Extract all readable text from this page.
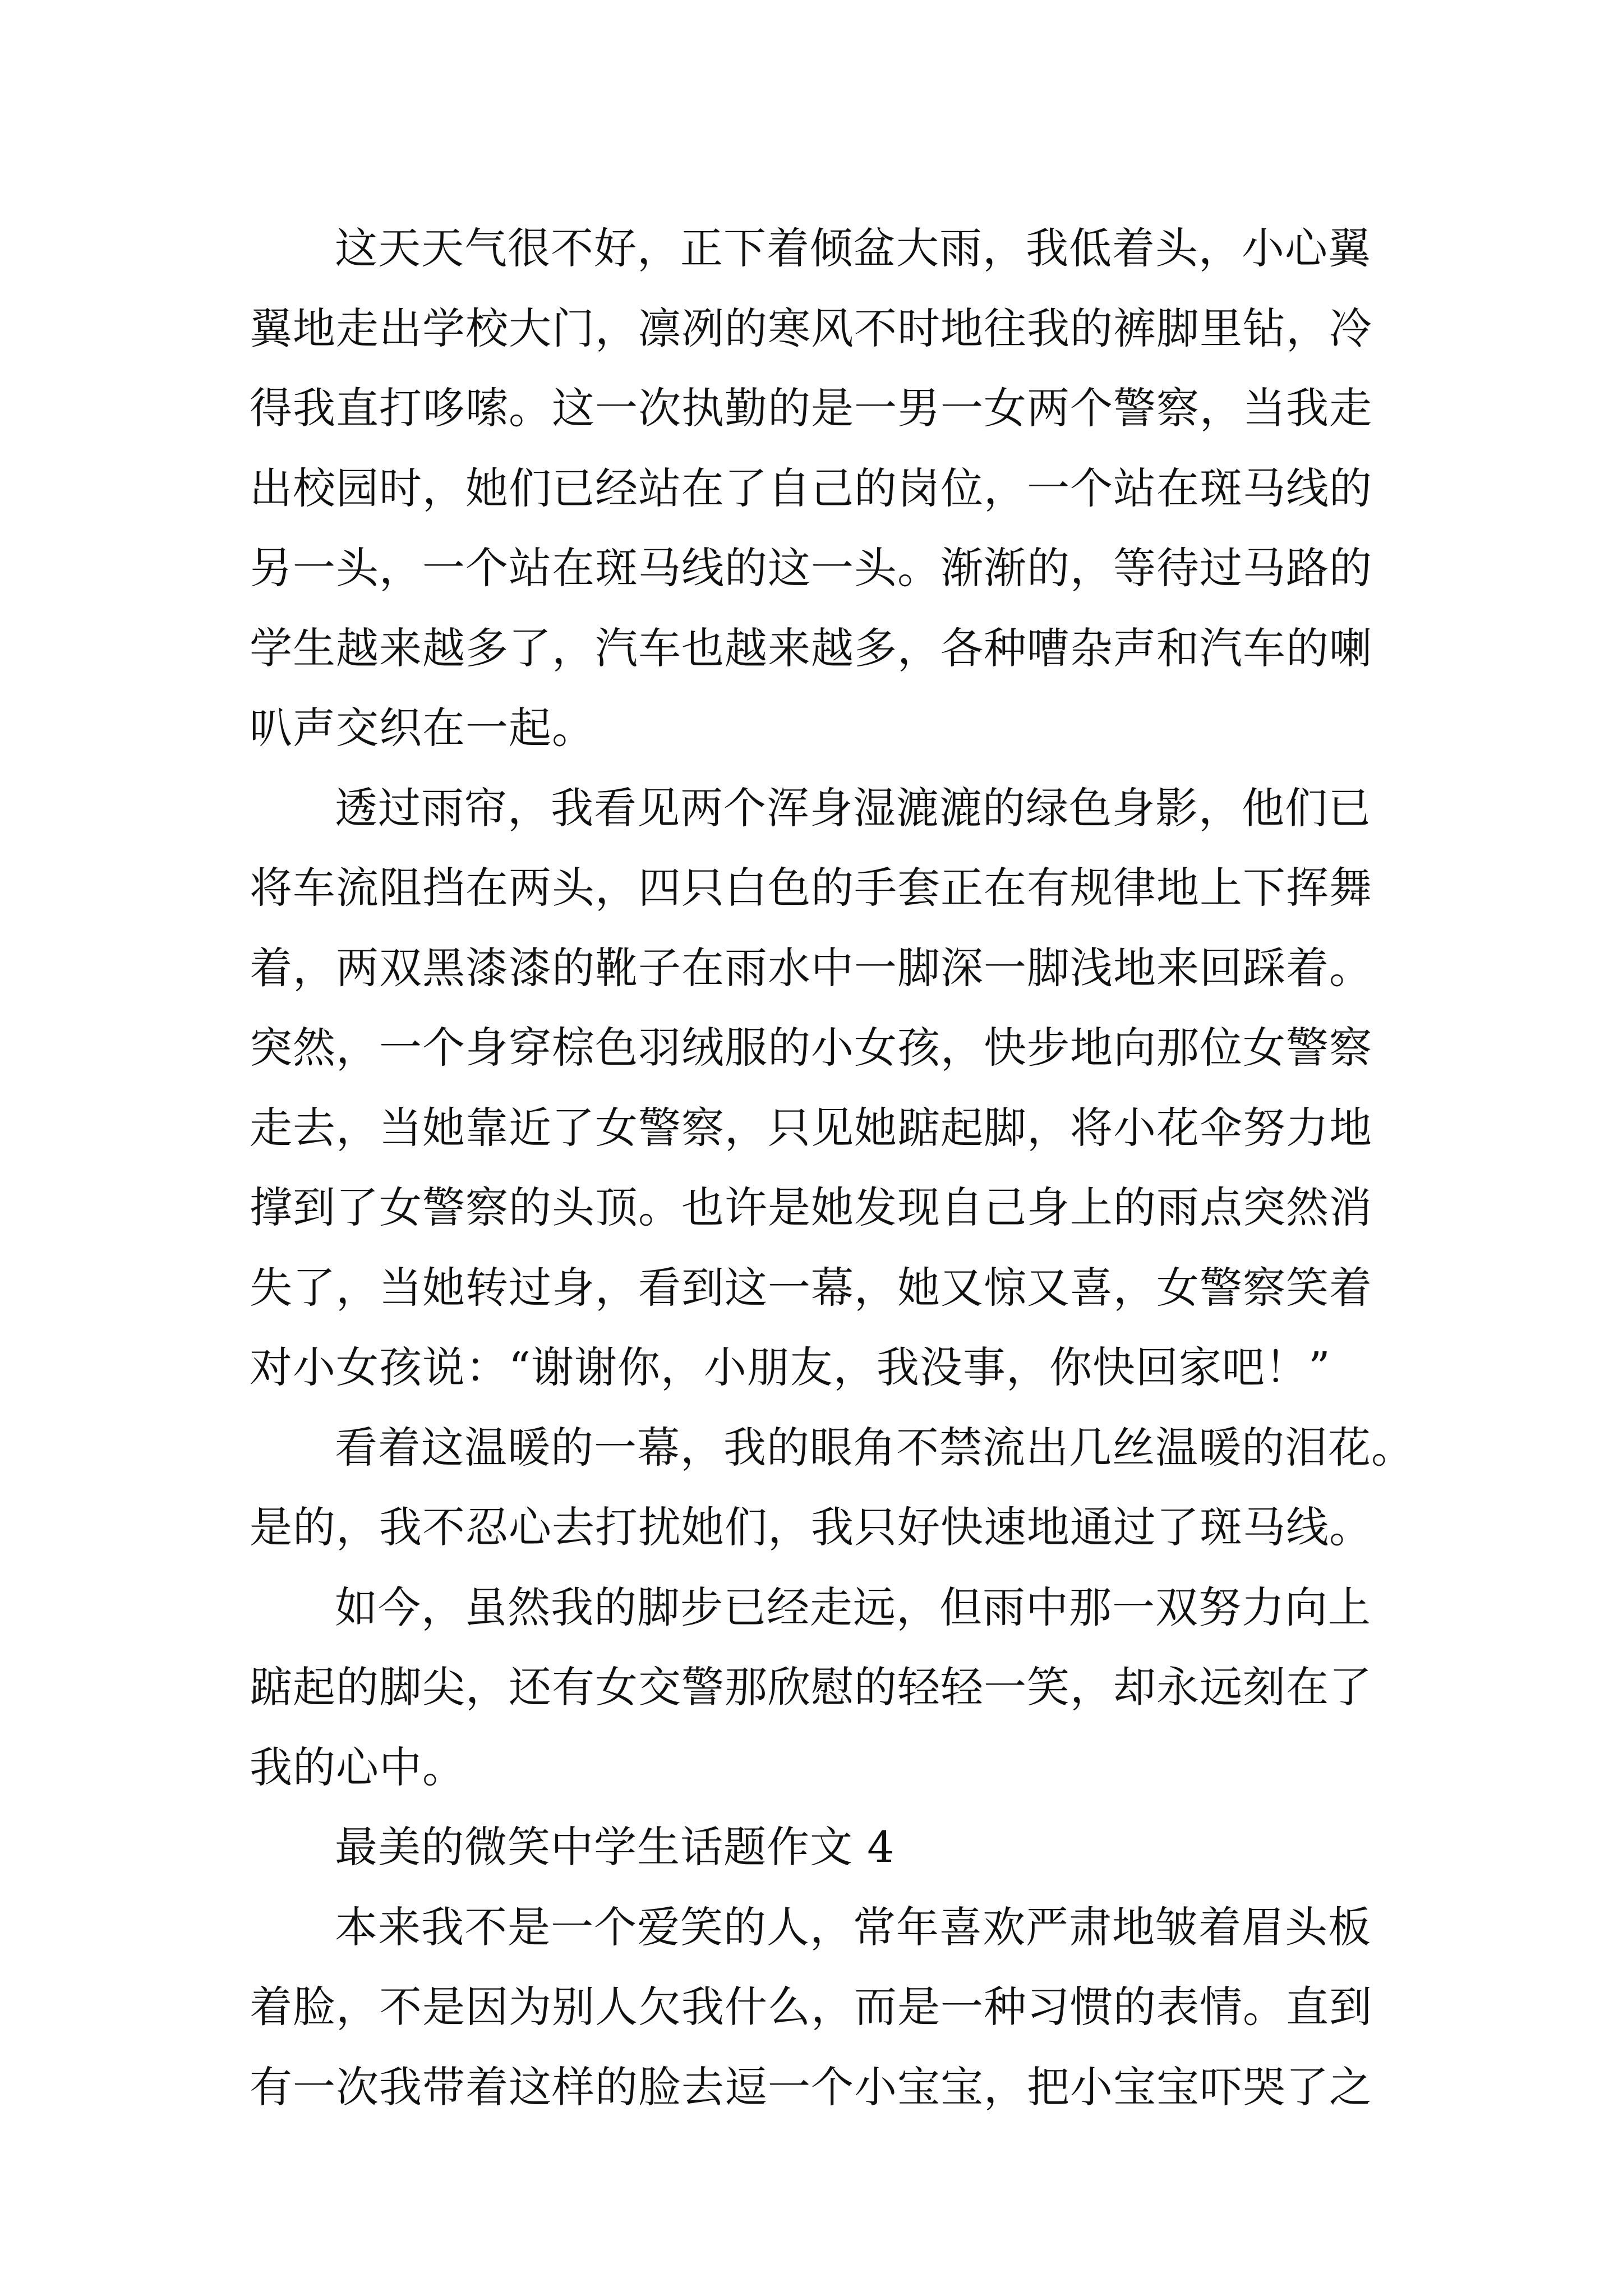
这天天气很不好，正下着倾盆大雨，我低着头，小心翼
翼地走出学校大门，凛冽的寒风不时地往我的裤脚里钻，冷
得我直打哆嗦。这一次执勤的是一男一女两个警察，当我走
出校园时，她们已经站在了自己的岗位，一个站在斑马线的
另一头，一个站在斑马线的这一头。渐渐的，等待过马路的
学生越来越多了，汽车也越来越多，各种嘈杂声和汽车的喇
叭声交织在一起。
透过雨帘，我看见两个浑身湿漉漉的绿色身影，他们已
将车流阻挡在两头，四只白色的手套正在有规律地上下挥舞
着，两双黑漆漆的靴子在雨水中一脚深一脚浅地来回踩着。
突然，一个身穿棕色羽绒服的小女孩，快步地向那位女警察
走去，当她靠近了女警察，只见她踮起脚，将小花伞努力地
撑到了女警察的头顶。也许是她发现自己身上的雨点突然消
失了，当她转过身，看到这一幕，她又惊又喜，女警察笑着
对小女孩说：“谢谢你，小朋友，我没事，你快回家吧！”
看着这温暖的一幕，我的眼角不禁流出几丝温暖的泪花。
是的，我不忍心去打扰她们，我只好快速地通过了斑马线。
如今，虽然我的脚步已经走远，但雨中那一双努力向上
踮起的脚尖，还有女交警那欣慰的轻轻一笑，却永远刻在了
我的心中。
最美的微笑中学生话题作文 4
本来我不是一个爱笑的人，常年喜欢严肃地皱着眉头板
着脸，不是因为别人欠我什么，而是一种习惯的表情。直到
有一次我带着这样的脸去逗一个小宝宝，把小宝宝吓哭了之
